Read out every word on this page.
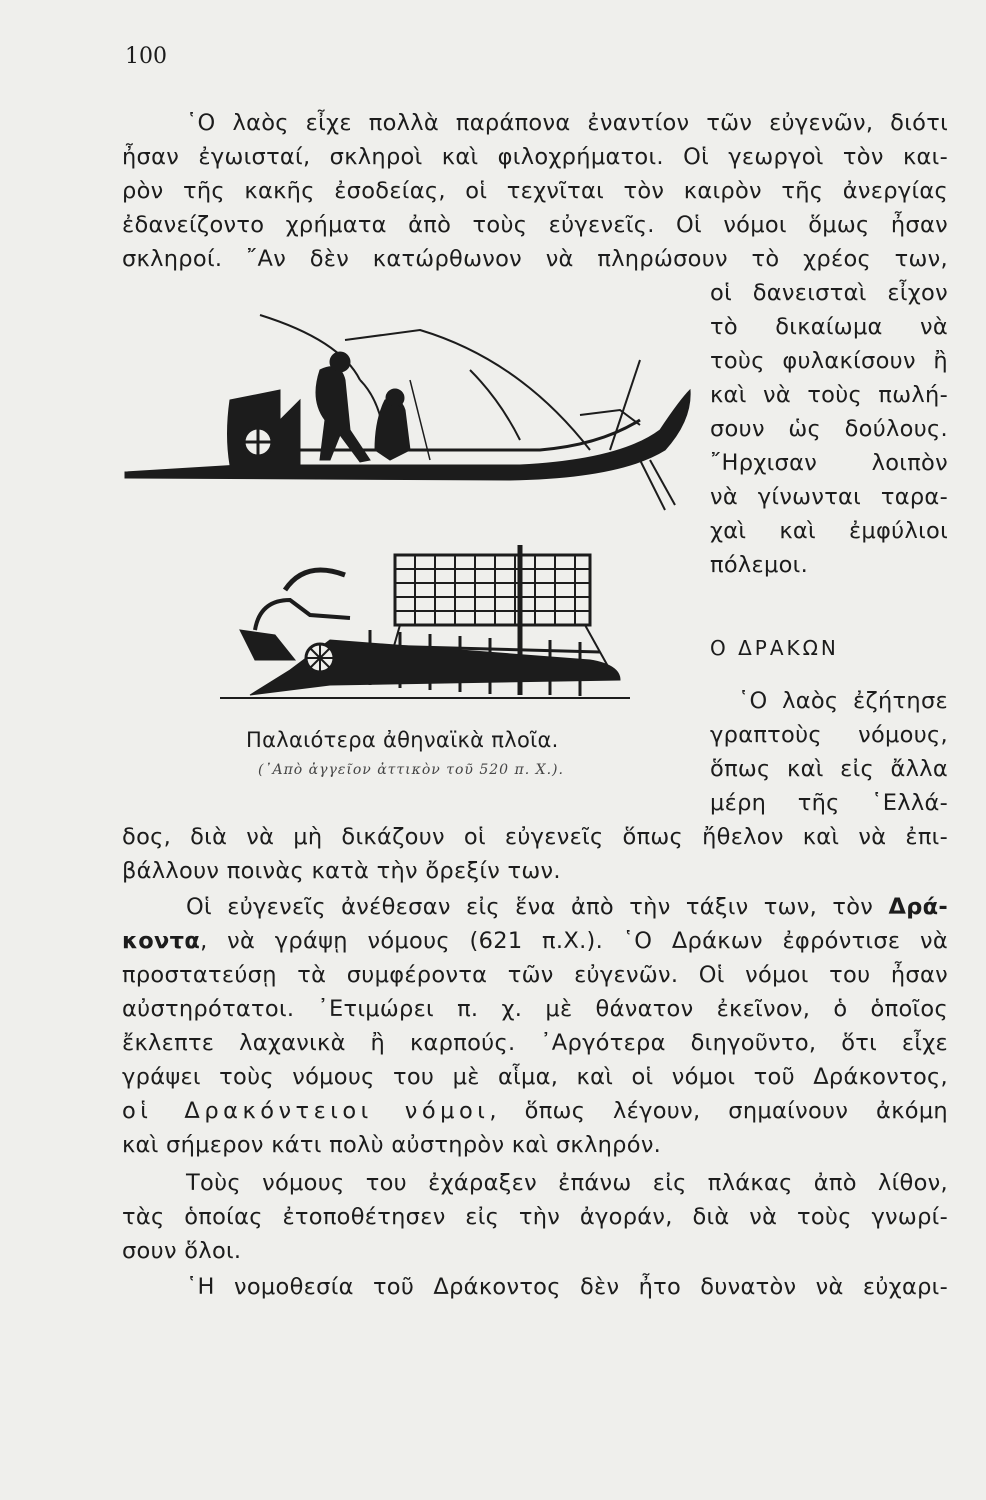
100
῾Ο λαὸς εἶχε πολλὰ παράπονα ἐναντίον τῶν εὐγενῶν, διότι
ἦσαν ἐγωισταί, σκληροὶ καὶ φιλοχρήματοι. Οἱ γεωργοὶ τὸν και-
ρὸν τῆς κακῆς ἐσοδείας, οἱ τεχνῖται τὸν καιρὸν τῆς ἀνεργίας
ἐδανείζοντο χρήματα ἀπὸ τοὺς εὐγενεῖς. Οἱ νόμοι ὅμως ἦσαν
σκληροί. ῎Αν δὲν κατώρθωνον νὰ πληρώσουν τὸ χρέος των,
οἱ δανεισταὶ εἶχον
τὸ δικαίωμα νὰ
τοὺς φυλακίσουν ἢ
καὶ νὰ τοὺς πωλή-
σουν ὡς δούλους.
῎Ηρχισαν λοιπὸν
νὰ γίνωνται ταρα-
χαὶ καὶ ἐμφύλιοι
πόλεμοι.
Ο ΔΡΑΚΩΝ
῾Ο λαὸς ἐζήτησε
γραπτοὺς νόμους,
ὅπως καὶ εἰς ἄλλα
μέρη τῆς ῾Ελλά-
δος, διὰ νὰ μὴ δικάζουν οἱ εὐγενεῖς ὅπως ἤθελον καὶ νὰ ἐπι-
βάλλουν ποινὰς κατὰ τὴν ὄρεξίν των.
Οἱ εὐγενεῖς ἀνέθεσαν εἰς ἕνα ἀπὸ τὴν τάξιν των, τὸν Δρά-
κοντα, νὰ γράψῃ νόμους (621 π.Χ.). ῾Ο Δράκων ἐφρόντισε νὰ
προστατεύσῃ τὰ συμφέροντα τῶν εὐγενῶν. Οἱ νόμοι του ἦσαν
αὐστηρότατοι. ᾿Ετιμώρει π. χ. μὲ θάνατον ἐκεῖνον, ὁ ὁποῖος
ἔκλεπτε λαχανικὰ ἢ καρπούς. ᾿Αργότερα διηγοῦντο, ὅτι εἶχε
γράψει τοὺς νόμους του μὲ αἷμα, καὶ οἱ νόμοι τοῦ Δράκοντος,
οἱ Δρακόντειοι νόμοι, ὅπως λέγουν, σημαίνουν ἀκόμη
καὶ σήμερον κάτι πολὺ αὐστηρὸν καὶ σκληρόν.
Τοὺς νόμους του ἐχάραξεν ἐπάνω εἰς πλάκας ἀπὸ λίθον,
τὰς ὁποίας ἐτοποθέτησεν εἰς τὴν ἀγοράν, διὰ νὰ τοὺς γνωρί-
σουν ὅλοι.
῾Η νομοθεσία τοῦ Δράκοντος δὲν ἦτο δυνατὸν νὰ εὐχαρι-
Παλαιότερα ἀθηναϊκὰ πλοῖα.
(᾿Απὸ ἀγγεῖον ἀττικὸν τοῦ 520 π. Χ.).
